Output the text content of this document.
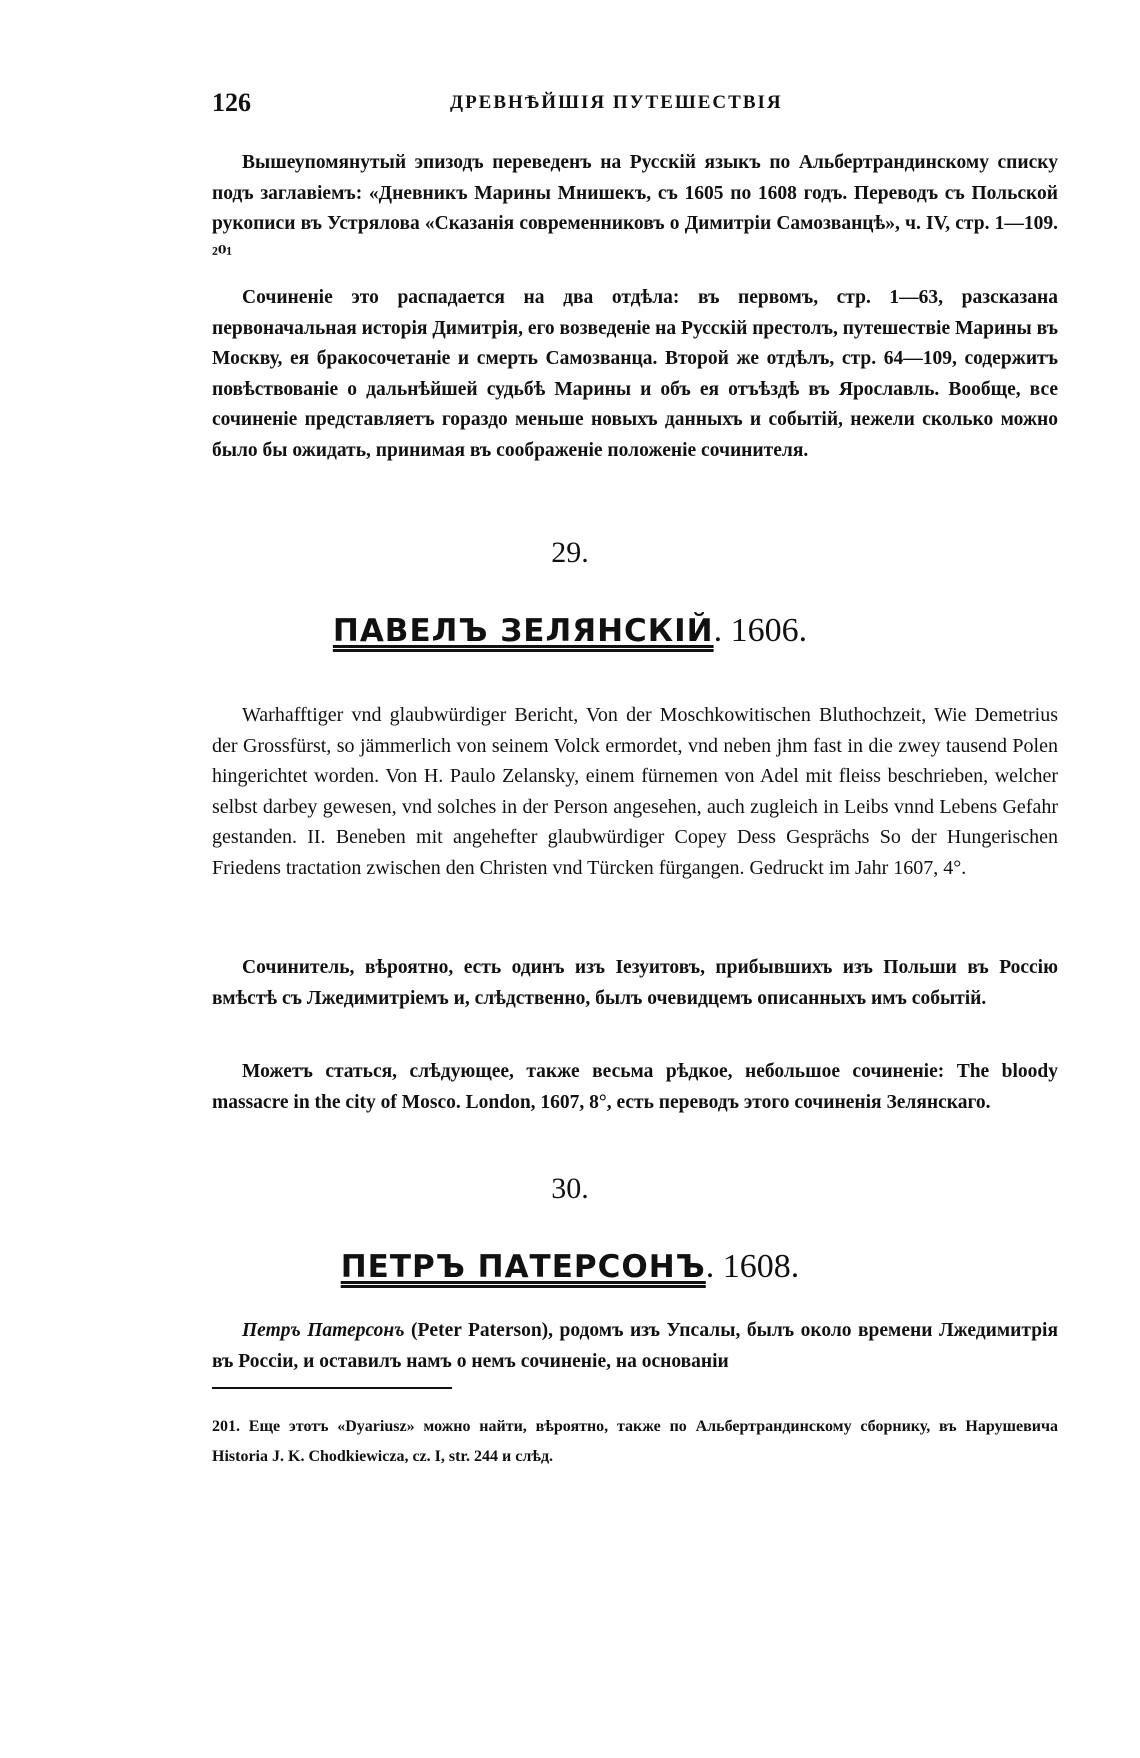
126	ДРЕВНѢЙШІЯ ПУТЕШЕСТВІЯ

Вышеупомянутый эпизодъ переведенъ на Русскій языкъ по Альбертрандинскому списку подъ заглавіемъ: «Дневникъ Марины Мнишекъ, съ 1605 по 1608 годъ. Переводъ съ Польской рукописи въ Устрялова «Сказанія современниковъ о Димитріи Самозванцѣ», ч. IV, стр. 1—109. ²⁰¹

Сочиненіе это распадается на два отдѣла: въ первомъ, стр. 1—63, разсказана первоначальная исторія Димитрія, его возведеніе на Русскій престолъ, путешествіе Марины въ Москву, ея бракосочетаніе и смерть Самозванца. Второй же отдѣлъ, стр. 64—109, содержитъ повѣствованіе о дальнѣйшей судьбѣ Марины и объ ея отъѣздѣ въ Ярославль. Вообще, все сочиненіе представляетъ гораздо меньше новыхъ данныхъ и событій, нежели сколько можно было бы ожидать, принимая въ соображеніе положеніе сочинителя.

29.
ПАВЕЛЪ ЗЕЛЯНСКІЙ. 1606.

Warhafftiger vnd glaubwürdiger Bericht, Von der Moschkowitischen Bluthochzeit, Wie Demetrius der Grossfürst, so jämmerlich von seinem Volck ermordet, vnd neben jhm fast in die zwey tausend Polen hingerichtet worden. Von H. Paulo Zelansky, einem fürnemen von Adel mit fleiss beschrieben, welcher selbst darbey gewesen, vnd solches in der Person angesehen, auch zugleich in Leibs vnnd Lebens Gefahr gestanden. II. Beneben mit angehefter glaubwürdiger Copey Dess Gesprächs So der Hungerischen Friedens tractation zwischen den Christen vnd Türcken fürgangen. Gedruckt im Jahr 1607, 4°.

Сочинитель, вѣроятно, есть одинъ изъ Іезуитовъ, прибывшихъ изъ Польши въ Россію вмѣстѣ съ Лжедимитріемъ и, слѣдственно, былъ очевидцемъ описанныхъ имъ событій.

Можетъ статься, слѣдующее, также весьма рѣдкое, небольшое сочиненіе: The bloody massacre in the city of Mosco. London, 1607, 8°, есть переводъ этого сочиненія Зелянскаго.

30.
ПЕТРЪ ПАТЕРСОНЪ. 1608.

Петръ Патерсонъ (Peter Paterson), родомъ изъ Упсалы, былъ около времени Лжедимитрія въ Россіи, и оставилъ намъ о немъ сочиненіе, на основаніи

201. Еще этотъ «Dyariusz» можно найти, вѣроятно, также по Альбертрандинскому сборнику, въ Нарушевича Historia J. K. Chodkiewicza, cz. I, str. 244 и слѣд.
